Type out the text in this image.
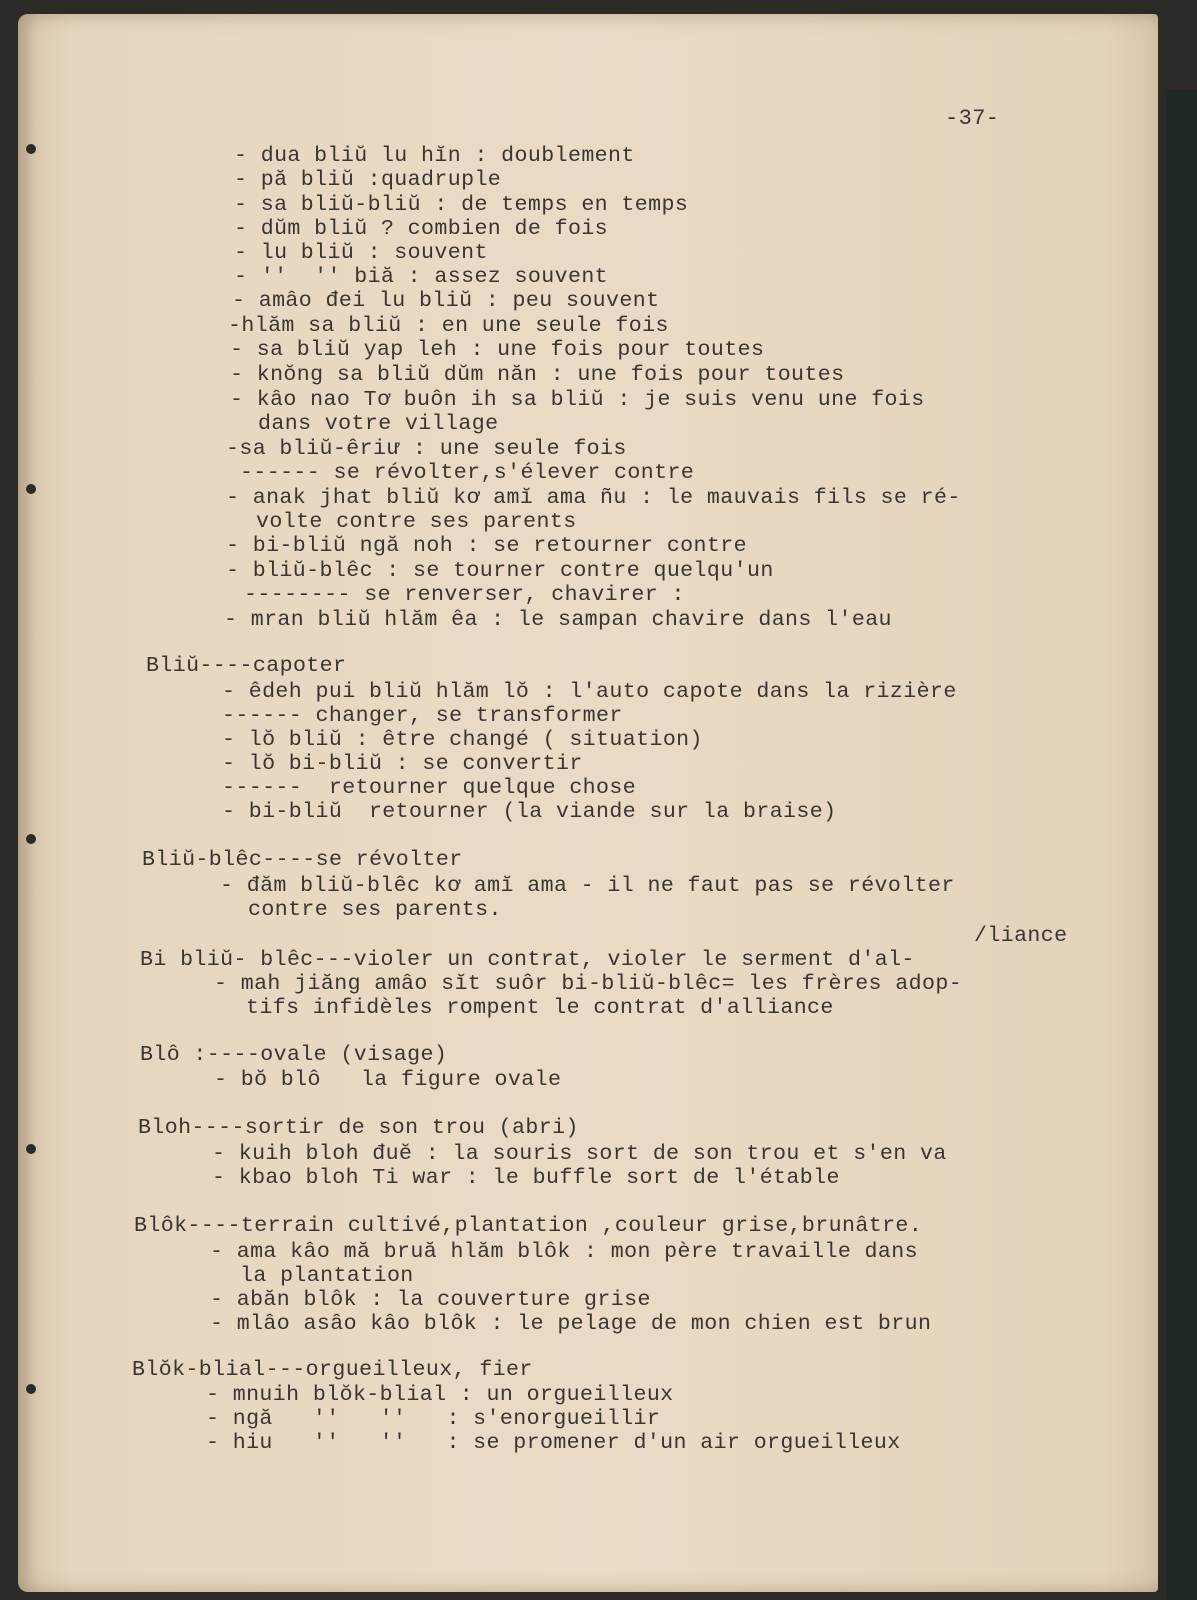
-37-
- dua bliŭ lu hĭn : doublement
- pă bliŭ :quadruple
- sa bliŭ-bliŭ : de temps en temps
- dŭm bliŭ ? combien de fois
- lu bliŭ : souvent
- ''  '' biă : assez souvent
- amâo đei lu bliŭ : peu souvent
-hlăm sa bliŭ : en une seule fois
- sa bliŭ yap leh : une fois pour toutes
- knŏng sa bliŭ dŭm năn : une fois pour toutes
- kâo nao Tơ buôn ih sa bliŭ : je suis venu une fois
dans votre village
-sa bliŭ-êriư : une seule fois
------ se révolter,s'élever contre
- anak jhat bliŭ kơ amĭ ama ñu : le mauvais fils se ré-
volte contre ses parents
- bi-bliŭ ngă noh : se retourner contre
- bliŭ-blêc : se tourner contre quelqu'un
-------- se renverser, chavirer :
- mran bliŭ hlăm êa : le sampan chavire dans l'eau
Bliŭ----capoter
- êdeh pui bliŭ hlăm lŏ : l'auto capote dans la rizière
------ changer, se transformer
- lŏ bliŭ : être changé ( situation)
- lŏ bi-bliŭ : se convertir
------  retourner quelque chose
- bi-bliŭ  retourner (la viande sur la braise)
Bliŭ-blêc----se révolter
- đăm bliŭ-blêc kơ amĭ ama - il ne faut pas se révolter
contre ses parents.
/liance
Bi bliŭ- blêc---violer un contrat, violer le serment d'al-
- mah jiăng amâo sĭt suôr bi-bliŭ-blêc= les frères adop-
tifs infidèles rompent le contrat d'alliance
Blô :----ovale (visage)
- bŏ blô   la figure ovale
Bloh----sortir de son trou (abri)
- kuih bloh đuĕ : la souris sort de son trou et s'en va
- kbao bloh Ti war : le buffle sort de l'étable
Blôk----terrain cultivé,plantation ,couleur grise,brunâtre.
- ama kâo mă bruă hlăm blôk : mon père travaille dans
la plantation
- abăn blôk : la couverture grise
- mlâo asâo kâo blôk : le pelage de mon chien est brun
Blŏk-blial---orgueilleux, fier
- mnuih blŏk-blial : un orgueilleux
- ngă   ''   ''   : s'enorgueillir
- hiu   ''   ''   : se promener d'un air orgueilleux
